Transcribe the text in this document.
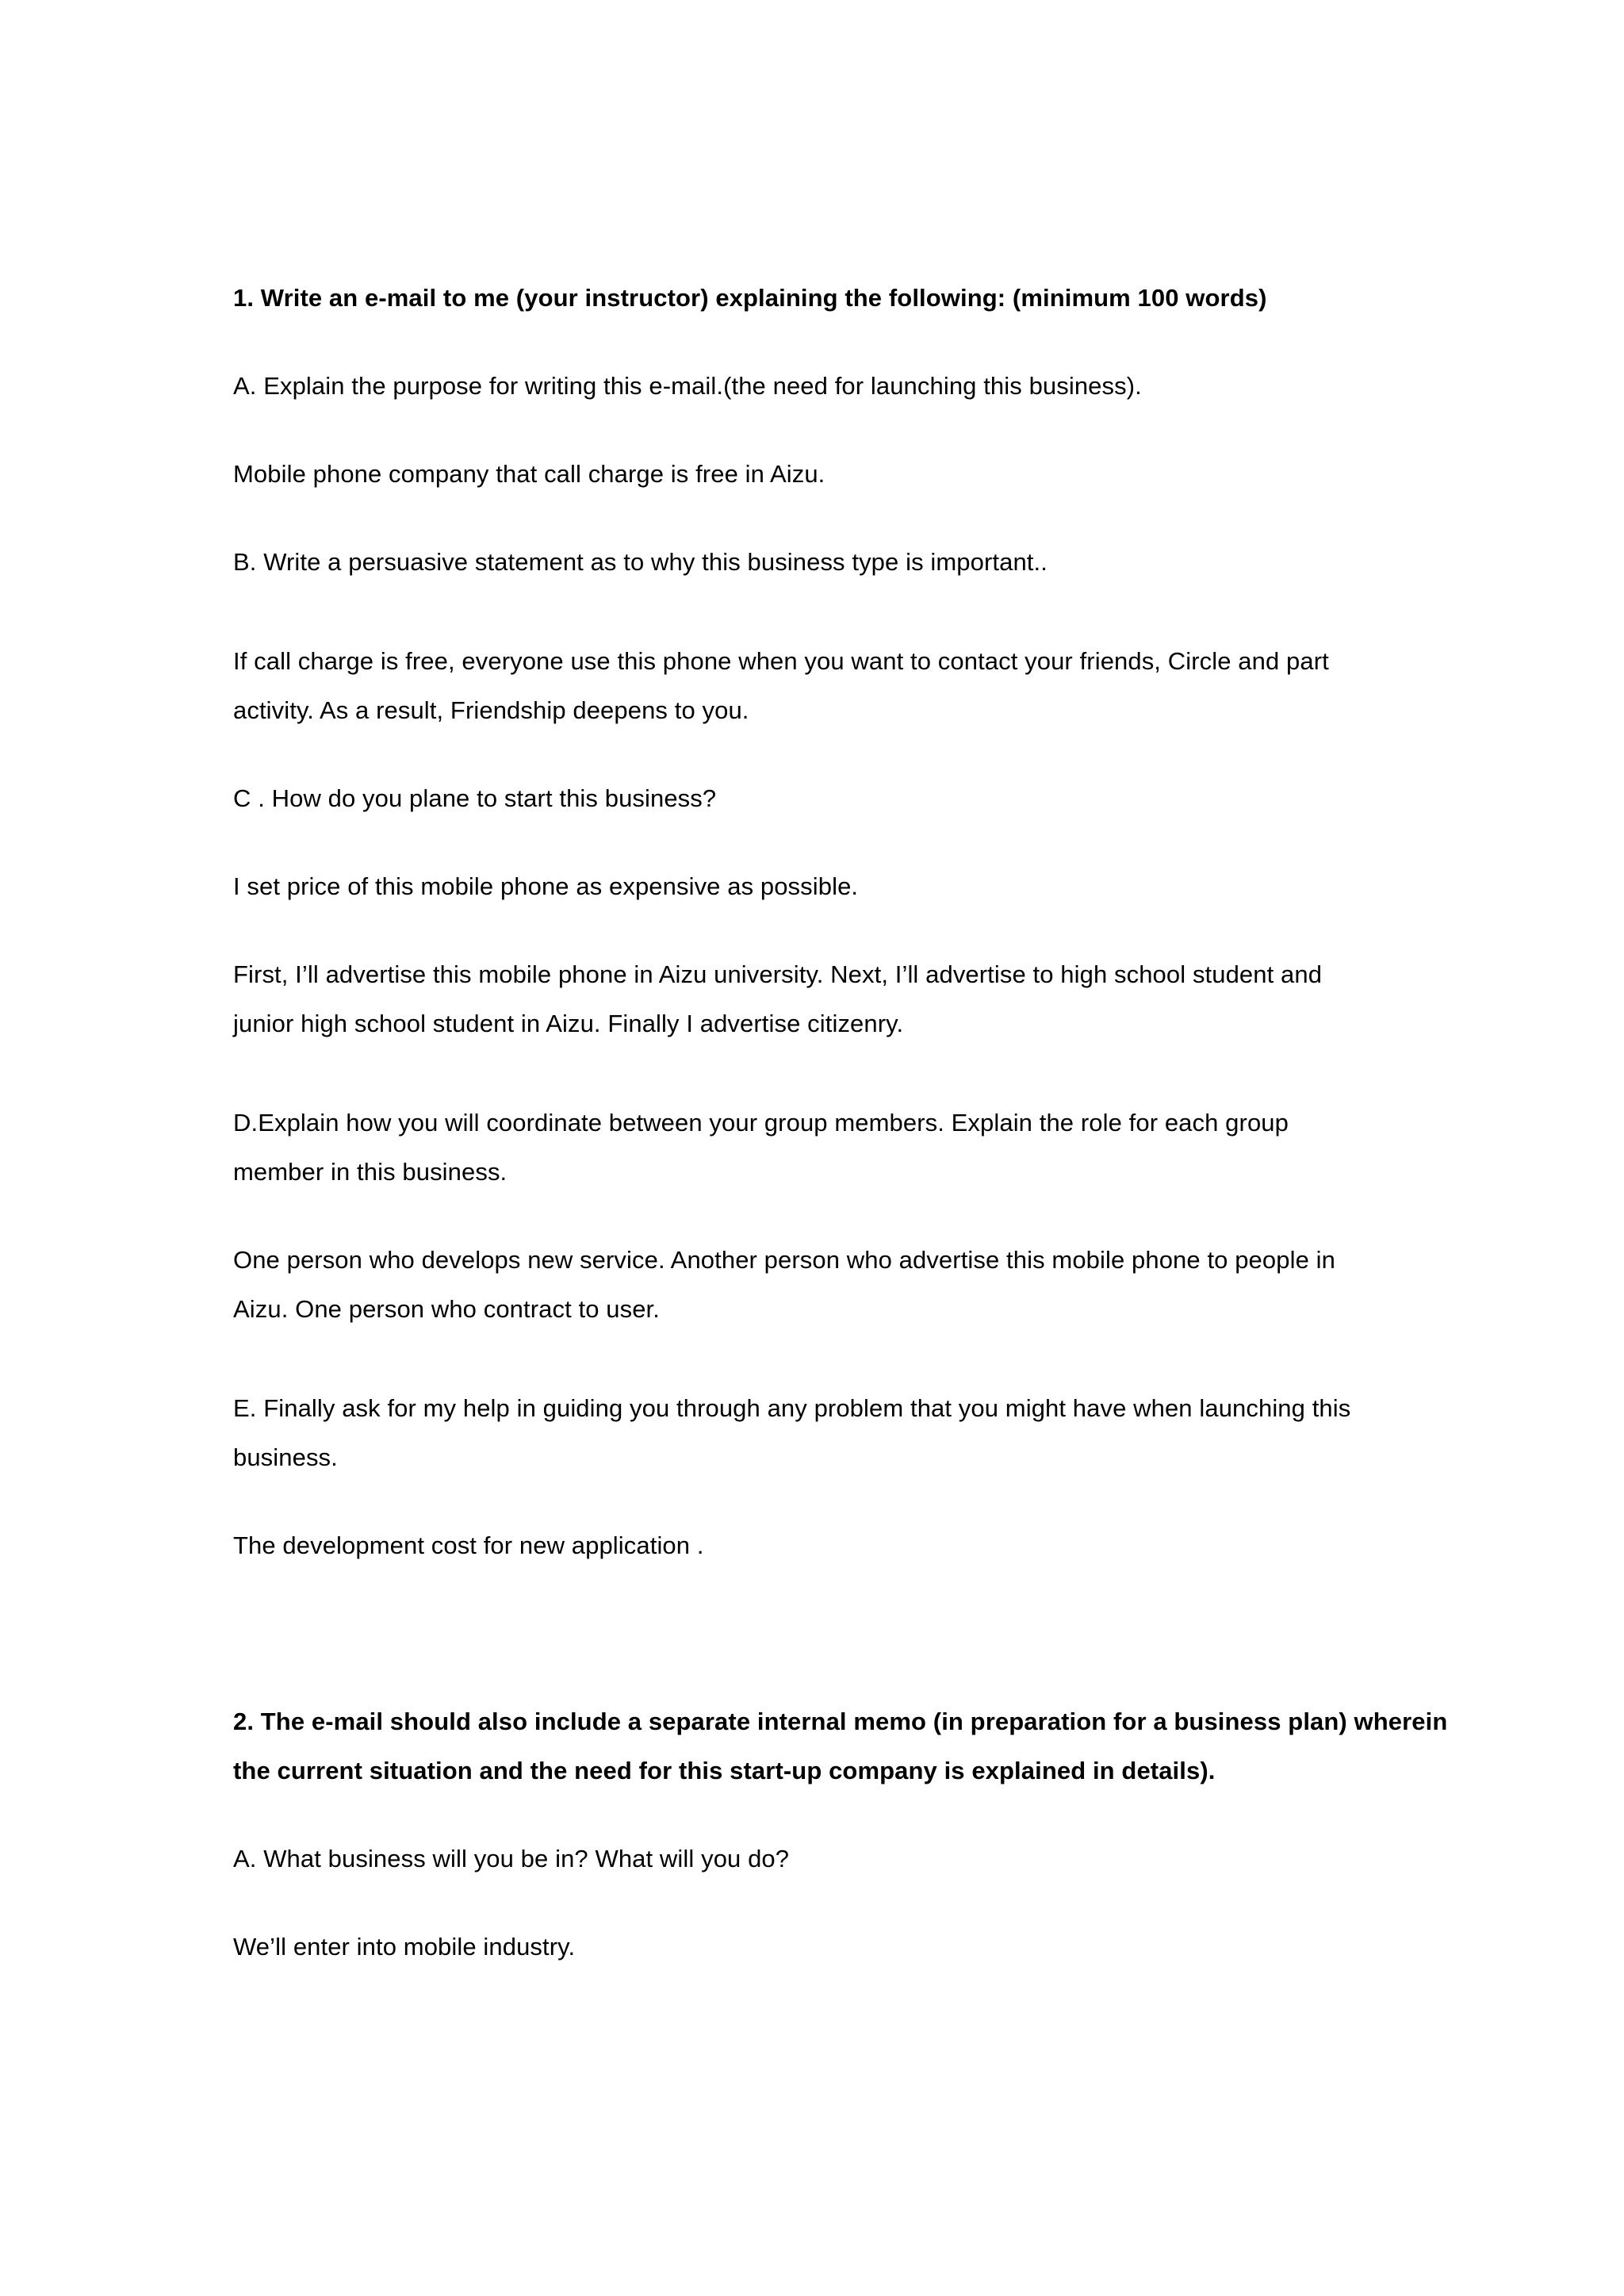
1. Write an e-mail to me (your instructor) explaining the following: (minimum 100 words)
A. Explain the purpose for writing this e-mail.(the need for launching this business).
Mobile phone company that call charge is free in Aizu.
B. Write a persuasive statement as to why this business type is important..
If call charge is free, everyone use this phone when you want to contact your friends, Circle and part
activity. As a result, Friendship deepens to you.
C . How do you plane to start this business?
I set price of this mobile phone as expensive as possible.
First, I’ll advertise this mobile phone in Aizu university. Next, I’ll advertise to high school student and
junior high school student in Aizu. Finally I advertise citizenry.
D.Explain how you will coordinate between your group members. Explain the role for each group
member in this business.
One person who develops new service. Another person who advertise this mobile phone to people in
Aizu. One person who contract to user.
E. Finally ask for my help in guiding you through any problem that you might have when launching this
business.
The development cost for new application .
2. The e-mail should also include a separate internal memo (in preparation for a business plan) wherein
the current situation and the need for this start-up company is explained in details).
A. What business will you be in? What will you do?
We’ll enter into mobile industry.
